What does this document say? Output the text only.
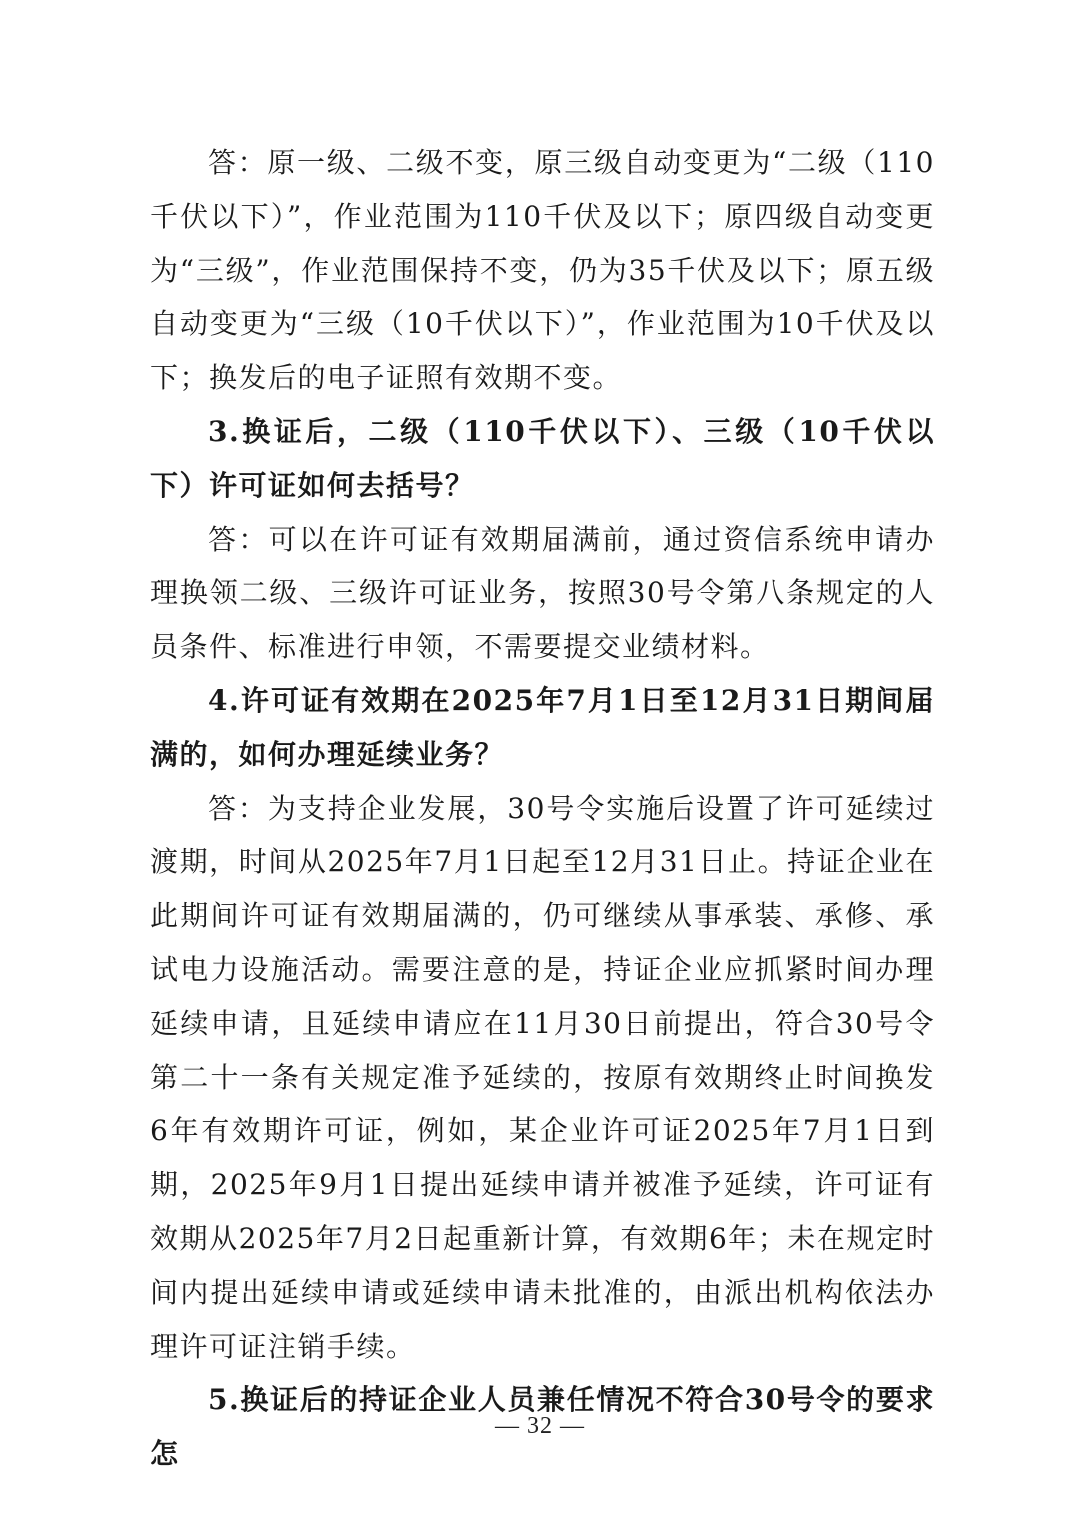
答：原一级、二级不变，原三级自动变更为“二级（110千伏以下）”，作业范围为110千伏及以下；原四级自动变更为“三级”，作业范围保持不变，仍为35千伏及以下；原五级自动变更为“三级（10千伏以下）”，作业范围为10千伏及以下；换发后的电子证照有效期不变。

3.换证后，二级（110千伏以下）、三级（10千伏以下）许可证如何去括号？

答：可以在许可证有效期届满前，通过资信系统申请办理换领二级、三级许可证业务，按照30号令第八条规定的人员条件、标准进行申领，不需要提交业绩材料。

4.许可证有效期在2025年7月1日至12月31日期间届满的，如何办理延续业务？

答：为支持企业发展，30号令实施后设置了许可延续过渡期，时间从2025年7月1日起至12月31日止。持证企业在此期间许可证有效期届满的，仍可继续从事承装、承修、承试电力设施活动。需要注意的是，持证企业应抓紧时间办理延续申请，且延续申请应在11月30日前提出，符合30号令第二十一条有关规定准予延续的，按原有效期终止时间换发6年有效期许可证，例如，某企业许可证2025年7月1日到期，2025年9月1日提出延续申请并被准予延续，许可证有效期从2025年7月2日起重新计算，有效期6年；未在规定时间内提出延续申请或延续申请未批准的，由派出机构依法办理许可证注销手续。

5.换证后的持证企业人员兼任情况不符合30号令的要求怎

— 32 —
